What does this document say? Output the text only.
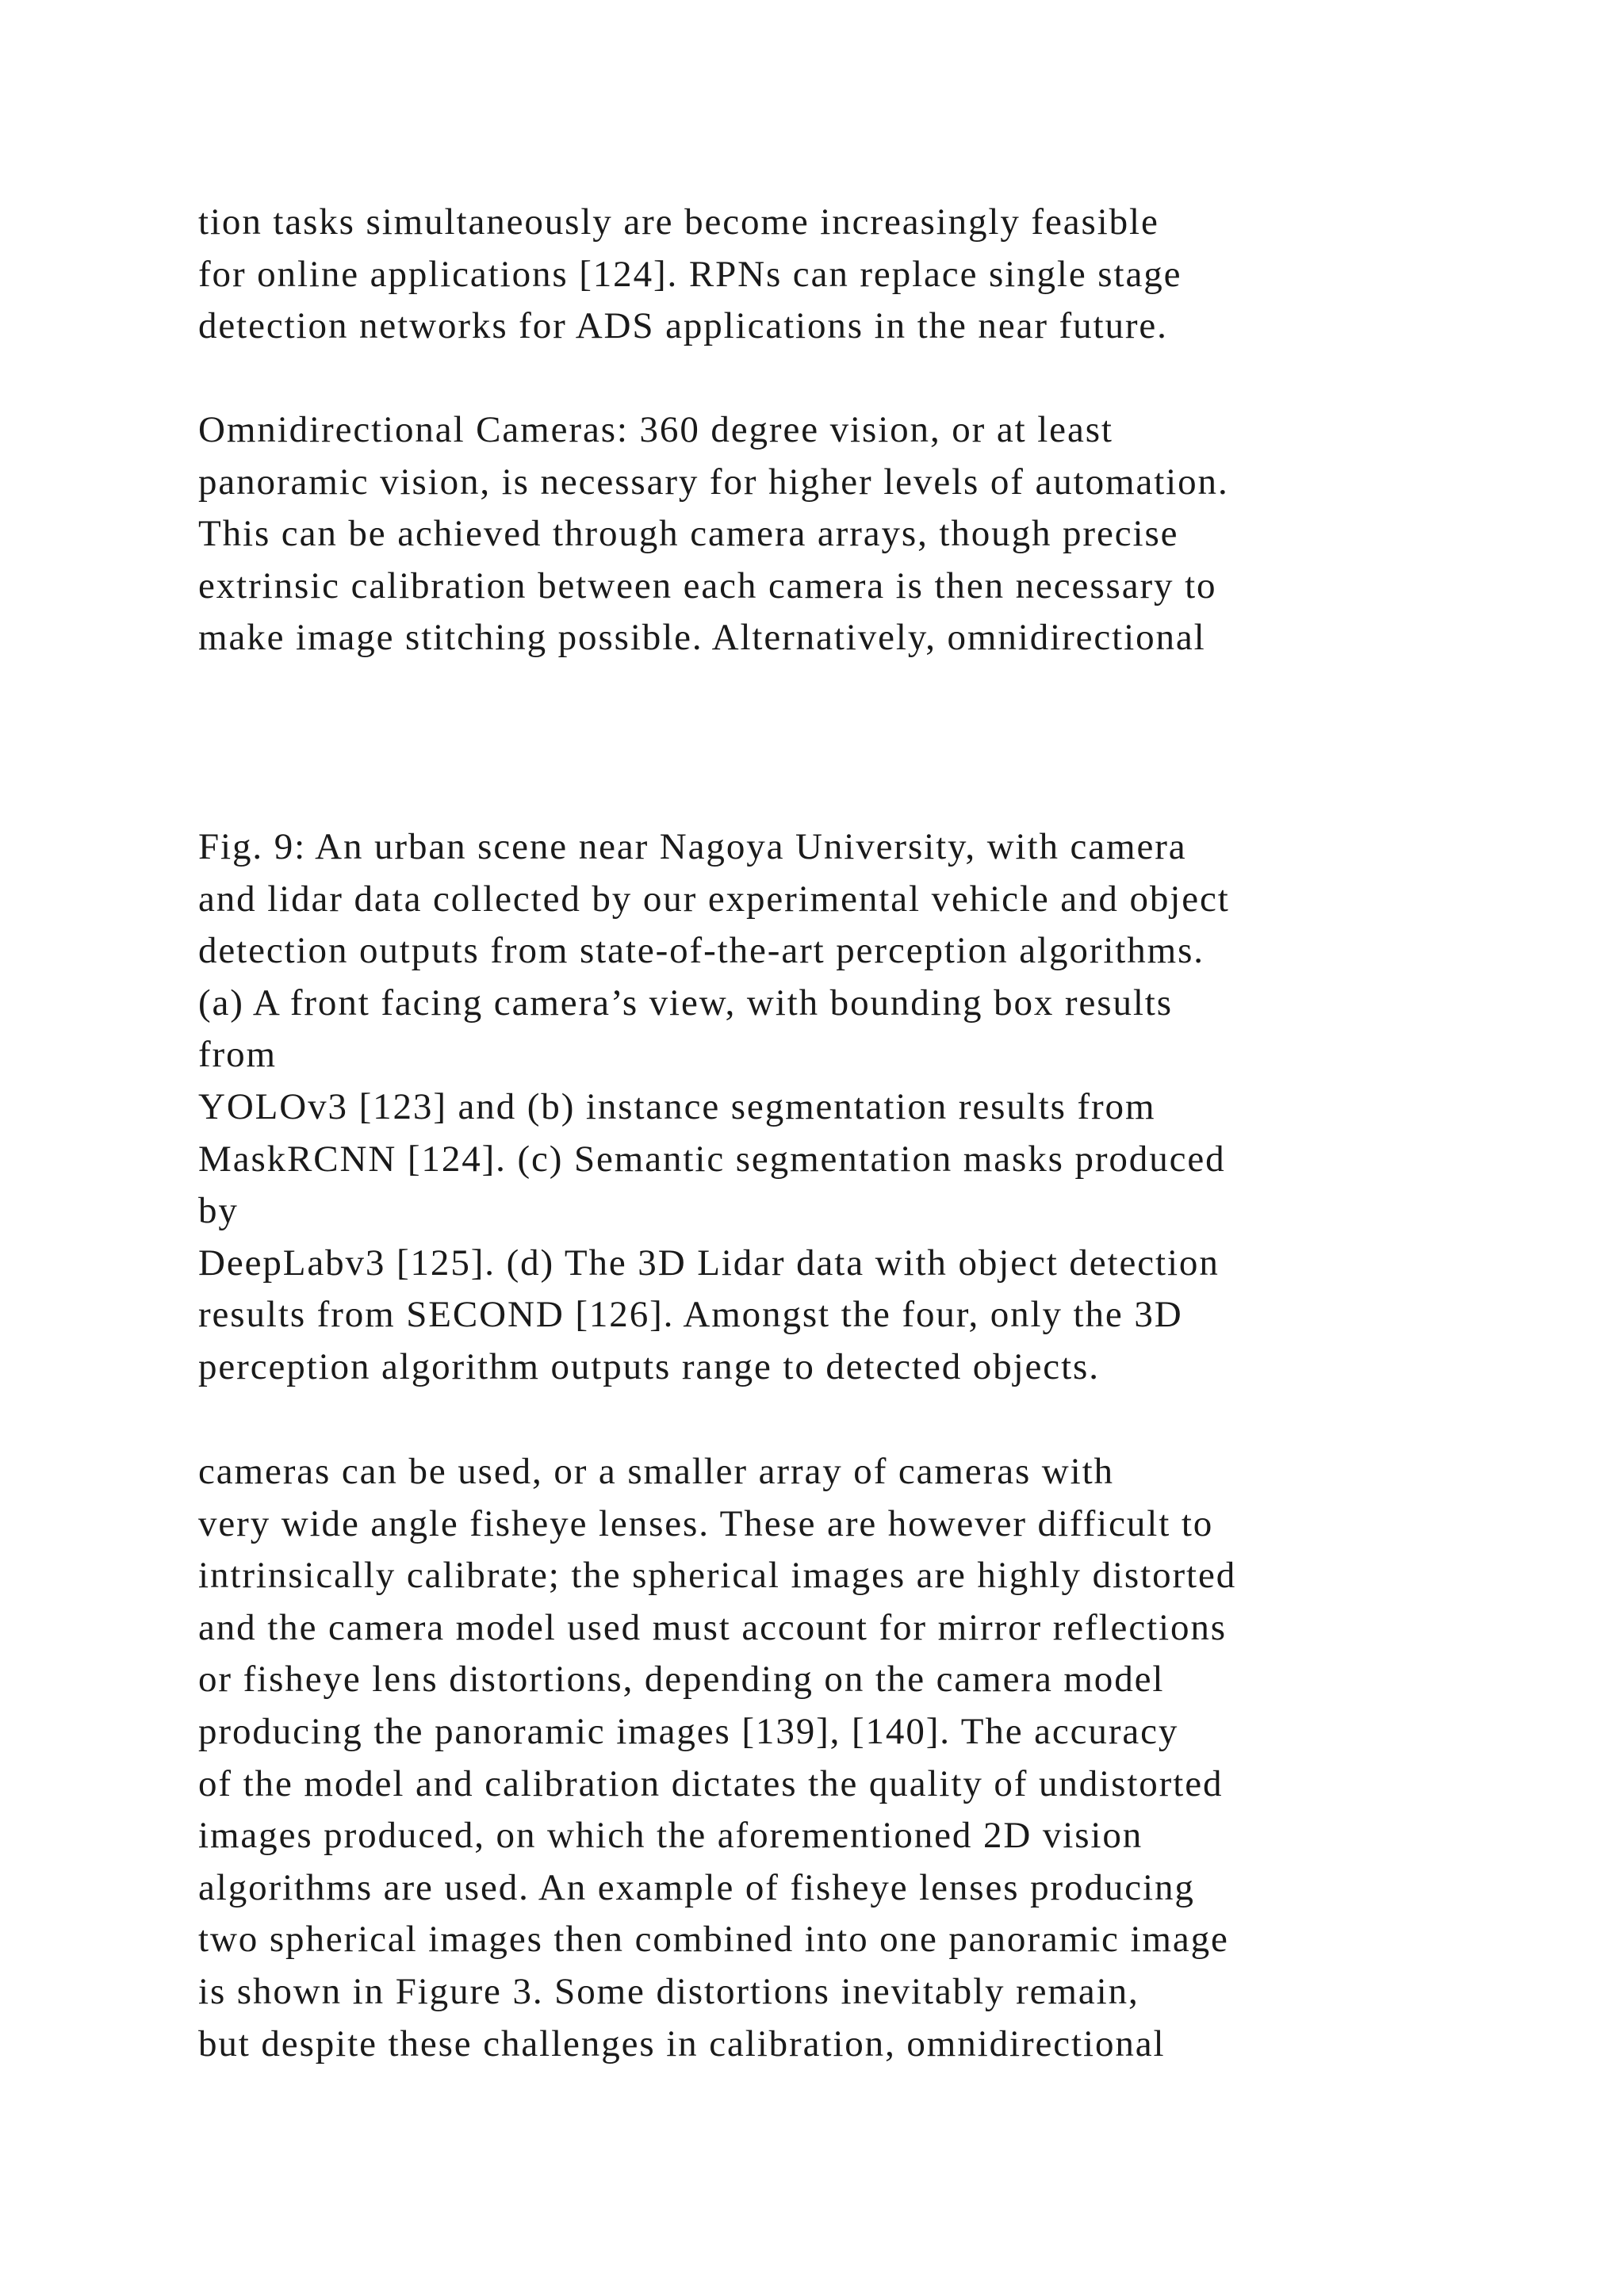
tion tasks simultaneously are become increasingly feasible
for online applications [124]. RPNs can replace single stage
detection networks for ADS applications in the near future.
Omnidirectional Cameras: 360 degree vision, or at least
panoramic vision, is necessary for higher levels of automation.
This can be achieved through camera arrays, though precise
extrinsic calibration between each camera is then necessary to
make image stitching possible. Alternatively, omnidirectional
Fig. 9: An urban scene near Nagoya University, with camera
and lidar data collected by our experimental vehicle and object
detection outputs from state-of-the-art perception algorithms.
(a) A front facing camera’s view, with bounding box results
from
YOLOv3 [123] and (b) instance segmentation results from
MaskRCNN [124]. (c) Semantic segmentation masks produced
by
DeepLabv3 [125]. (d) The 3D Lidar data with object detection
results from SECOND [126]. Amongst the four, only the 3D
perception algorithm outputs range to detected objects.
cameras can be used, or a smaller array of cameras with
very wide angle fisheye lenses. These are however difficult to
intrinsically calibrate; the spherical images are highly distorted
and the camera model used must account for mirror reflections
or fisheye lens distortions, depending on the camera model
producing the panoramic images [139], [140]. The accuracy
of the model and calibration dictates the quality of undistorted
images produced, on which the aforementioned 2D vision
algorithms are used. An example of fisheye lenses producing
two spherical images then combined into one panoramic image
is shown in Figure 3. Some distortions inevitably remain,
but despite these challenges in calibration, omnidirectional
